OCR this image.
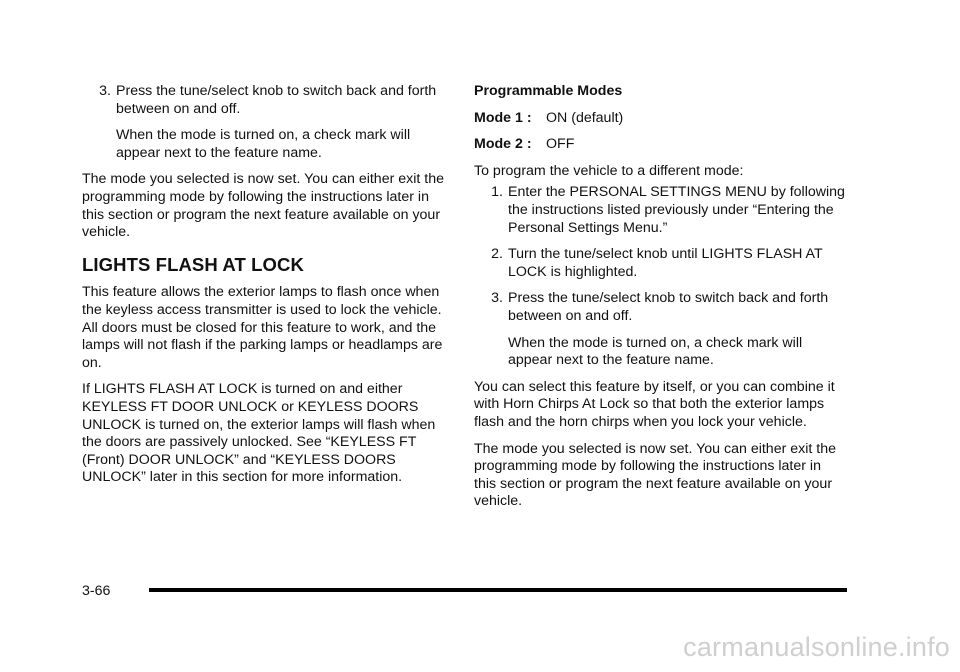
3. Press the tune/select knob to switch back and forth between on and off.

When the mode is turned on, a check mark will appear next to the feature name.

The mode you selected is now set. You can either exit the programming mode by following the instructions later in this section or program the next feature available on your vehicle.

LIGHTS FLASH AT LOCK

This feature allows the exterior lamps to flash once when the keyless access transmitter is used to lock the vehicle. All doors must be closed for this feature to work, and the lamps will not flash if the parking lamps or headlamps are on.

If LIGHTS FLASH AT LOCK is turned on and either KEYLESS FT DOOR UNLOCK or KEYLESS DOORS UNLOCK is turned on, the exterior lamps will flash when the doors are passively unlocked. See “KEYLESS FT (Front) DOOR UNLOCK” and “KEYLESS DOORS UNLOCK” later in this section for more information.

Programmable Modes

Mode 1 :	ON (default)
Mode 2 :	OFF

To program the vehicle to a different mode:

1. Enter the PERSONAL SETTINGS MENU by following the instructions listed previously under “Entering the Personal Settings Menu.”
2. Turn the tune/select knob until LIGHTS FLASH AT LOCK is highlighted.
3. Press the tune/select knob to switch back and forth between on and off.

When the mode is turned on, a check mark will appear next to the feature name.

You can select this feature by itself, or you can combine it with Horn Chirps At Lock so that both the exterior lamps flash and the horn chirps when you lock your vehicle.

The mode you selected is now set. You can either exit the programming mode by following the instructions later in this section or program the next feature available on your vehicle.

3-66
carmanualsonline.info
